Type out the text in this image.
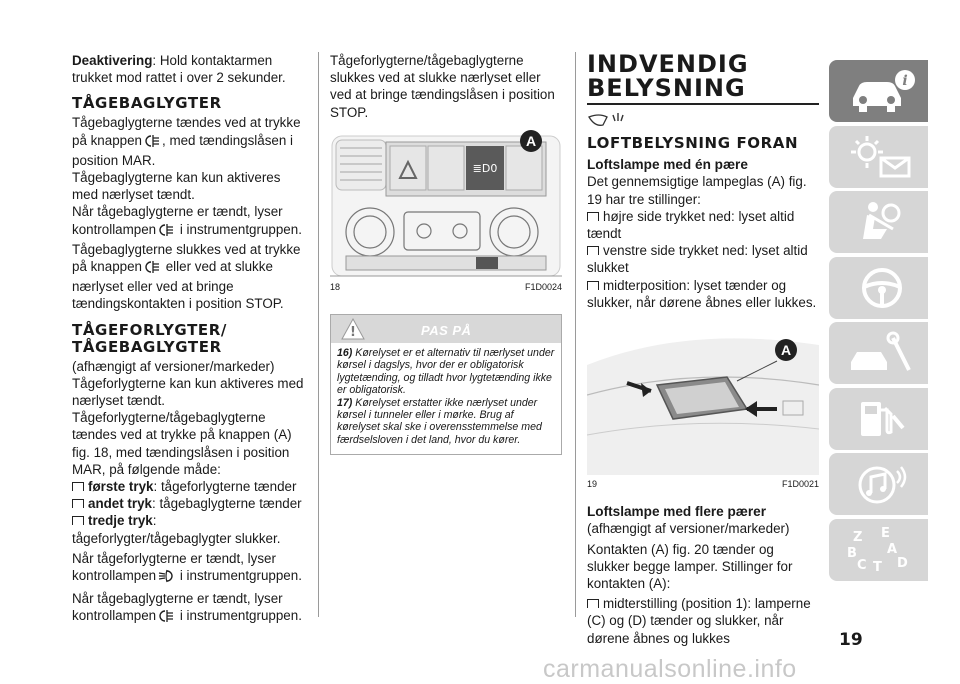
Deaktivering: Hold kontaktarmen trukket mod rattet i over 2 sekunder.

TÅGEBAGLYGTER

Tågebaglygterne tændes ved at trykke på knappen , med tændingslåsen i position MAR.

Tågebaglygterne kan kun aktiveres med nærlyset tændt.

Når tågebaglygterne er tændt, lyser kontrollampen i instrumentgruppen.

Tågebaglygterne slukkes ved at trykke på knappen eller ved at slukke nærlyset eller ved at bringe tændingskontakten i position STOP.

TÅGEFORLYGTER/ TÅGEBAGLYGTER

(afhængigt af versioner/markeder)

Tågeforlygterne kan kun aktiveres med nærlyset tændt.

Tågeforlygterne/tågebaglygterne tændes ved at trykke på knappen (A) fig. 18, med tændingslåsen i position MAR, på følgende måde:

første tryk: tågeforlygterne tænder

andet tryk: tågebaglygterne tænder

tredje tryk: tågeforlygter/tågebaglygter slukker.

Når tågeforlygterne er tændt, lyser kontrollampen i instrumentgruppen.

Når tågebaglygterne er tændt, lyser kontrollampen i instrumentgruppen.

Tågeforlygterne/tågebaglygterne slukkes ved at slukke nærlyset eller ved at bringe tændingslåsen i position STOP.

≣D0
A
18	F1D0024
!	PAS PÅ

16) Kørelyset er et alternativ til nærlyset under kørsel i dagslys, hvor der er obligatorisk lygtetænding, og tilladt hvor lygtetænding ikke er obligatorisk.

17) Kørelyset erstatter ikke nærlyset under kørsel i tunneler eller i mørke. Brug af kørelyset skal ske i overensstemmelse med færdselsloven i det land, hvor du kører.

INDVENDIG
BELYSNING
LOFTBELYSNING FORAN
Loftslampe med én pære

Det gennemsigtige lampeglas (A) fig. 19 har tre stillinger:

højre side trykket ned: lyset altid tændt

venstre side trykket ned: lyset altid slukket

midterposition: lyset tænder og slukker, når dørene åbnes eller lukkes.

A
19	F1D0021
Loftslampe med flere pærer

(afhængigt af versioner/markeder)

Kontakten (A) fig. 20 tænder og slukker begge lamper. Stillinger for kontakten (A):

midterstilling (position 1): lamperne (C) og (D) tænder og slukker, når dørene åbnes og lukkes

i
Z E
A
B
C T D
19
carmanualsonline.info
